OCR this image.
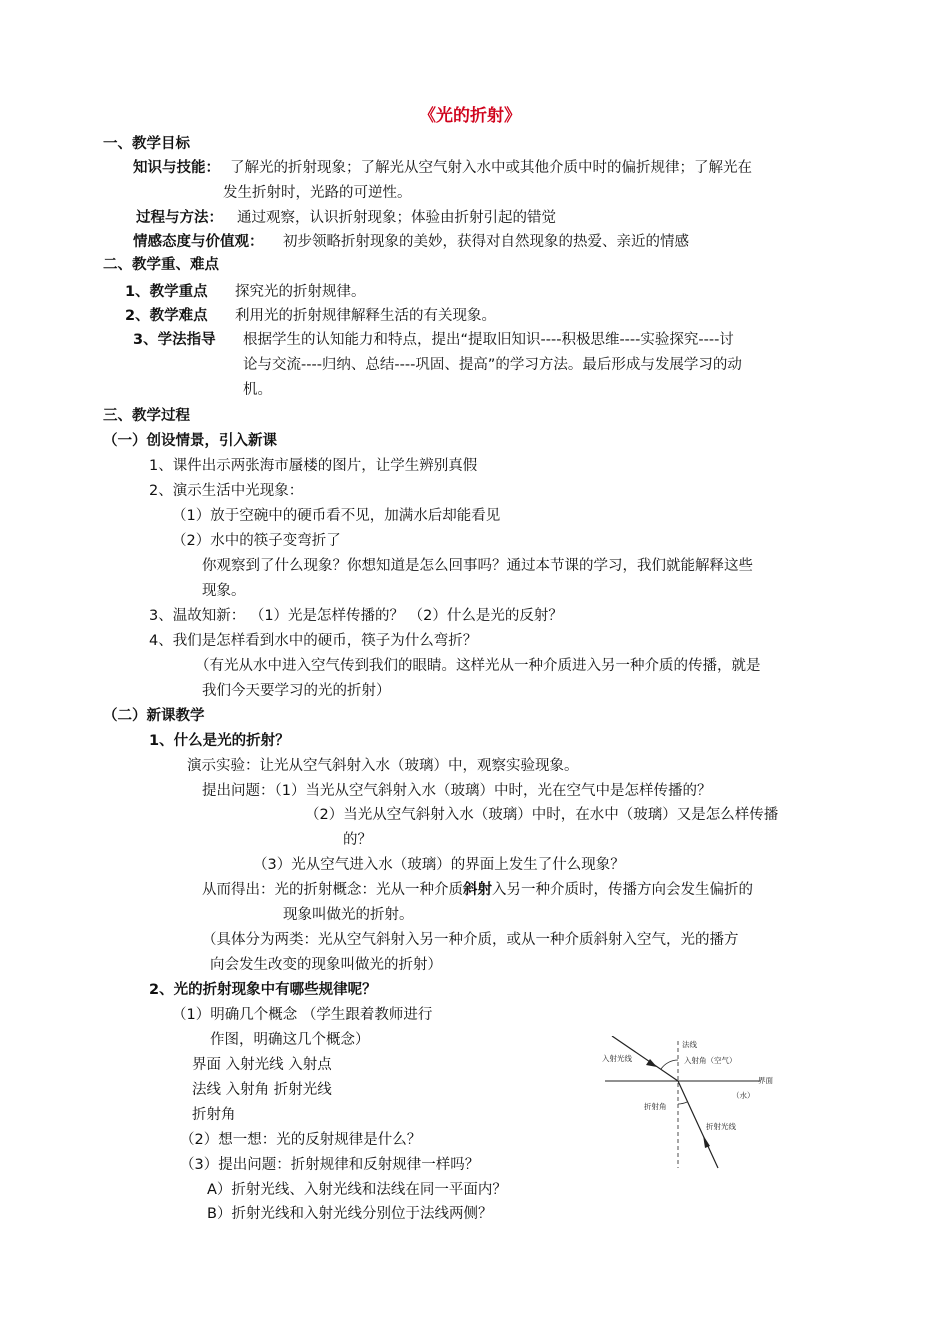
《光的折射》
一、教学目标
知识与技能： 了解光的折射现象；了解光从空气射入水中或其他介质中时的偏折规律；了解光在
发生折射时，光路的可逆性。
过程与方法： 通过观察，认识折射现象；体验由折射引起的错觉
情感态度与价值观： 初步领略折射现象的美妙，获得对自然现象的热爱、亲近的情感
二、教学重、难点
1、教学重点 探究光的折射规律。
2、教学难点 利用光的折射规律解释生活的有关现象。
3、学法指导 根据学生的认知能力和特点，提出“提取旧知识----积极思维----实验探究----讨
论与交流----归纳、总结----巩固、提高”的学习方法。最后形成与发展学习的动
机。
三、教学过程
（一）创设情景，引入新课
1、课件出示两张海市蜃楼的图片，让学生辨别真假
2、演示生活中光现象：
（1）放于空碗中的硬币看不见，加满水后却能看见
（2）水中的筷子变弯折了
你观察到了什么现象？你想知道是怎么回事吗？通过本节课的学习，我们就能解释这些
现象。
3、温故知新： （1）光是怎样传播的？ （2）什么是光的反射？
4、我们是怎样看到水中的硬币，筷子为什么弯折？
（有光从水中进入空气传到我们的眼睛。这样光从一种介质进入另一种介质的传播，就是
我们今天要学习的光的折射）
（二）新课教学
1、什么是光的折射？
演示实验：让光从空气斜射入水（玻璃）中，观察实验现象。
提出问题：（1）当光从空气斜射入水（玻璃）中时，光在空气中是怎样传播的？
（2）当光从空气斜射入水（玻璃）中时，在水中（玻璃）又是怎么样传播
的？
（3）光从空气进入水（玻璃）的界面上发生了什么现象？
从而得出：光的折射概念：光从一种介质斜射入另一种介质时，传播方向会发生偏折的
现象叫做光的折射。
（具体分为两类：光从空气斜射入另一种介质，或从一种介质斜射入空气，光的播方
向会发生改变的现象叫做光的折射）
2、光的折射现象中有哪些规律呢？
（1）明确几个概念 （学生跟着教师进行
作图，明确这几个概念）
界面 入射光线 入射点
法线 入射角 折射光线
折射角
（2）想一想：光的反射规律是什么？
（3）提出问题：折射规律和反射规律一样吗？
A）折射光线、入射光线和法线在同一平面内？
B）折射光线和入射光线分别位于法线两侧？
法线
入射光线	入射角（空气）
界面
（水）
折射角
折射光线
